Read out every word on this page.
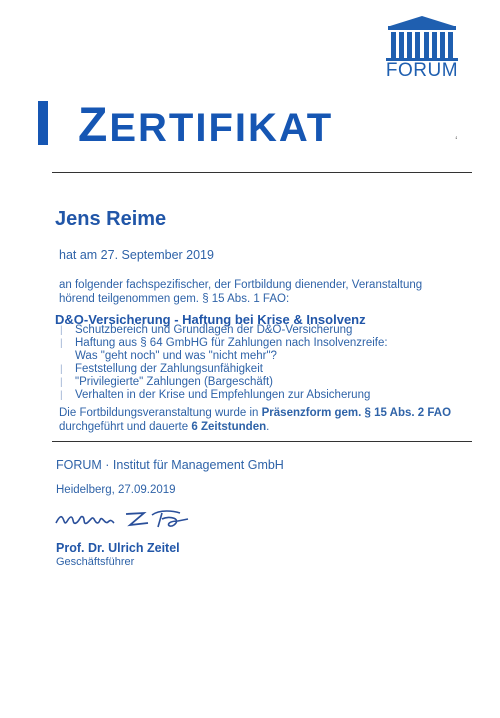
FORUM
ZERTIFIKAT	ʻ
Jens Reime
hat am 27. September 2019
an folgender fachspezifischer, der Fortbildung dienender, Veranstaltung hörend teilgenommen gem. § 15 Abs. 1 FAO:
D&O-Versicherung - Haftung bei Krise & Insolvenz
| Schutzbereich und Grundlagen der D&O-Versicherung
| Haftung aus § 64 GmbHG für Zahlungen nach Insolvenzreife:
Was "geht noch" und was "nicht mehr"?
| Feststellung der Zahlungsunfähigkeit
| "Privilegierte" Zahlungen (Bargeschäft)
| Verhalten in der Krise und Empfehlungen zur Absicherung
Die Fortbildungsveranstaltung wurde in Präsenzform gem. § 15 Abs. 2 FAO durchgeführt und dauerte 6 Zeitstunden.
FORUM · Institut für Management GmbH
Heidelberg, 27.09.2019
Prof. Dr. Ulrich Zeitel
Geschäftsführer
